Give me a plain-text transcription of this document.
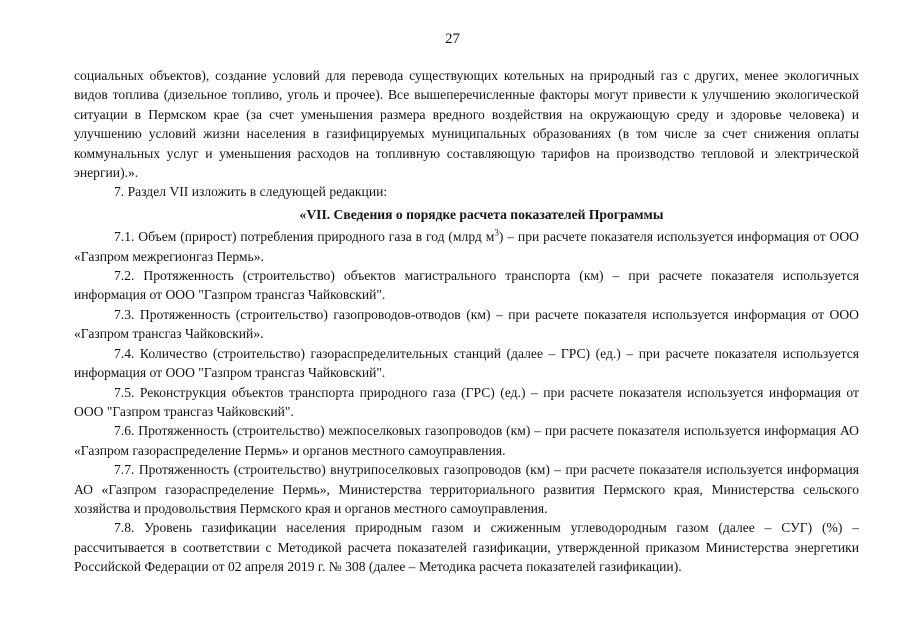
27

социальных объектов), создание условий для перевода существующих котельных на природный газ с других, менее экологичных видов топлива (дизельное топливо, уголь и прочее). Все вышеперечисленные факторы могут привести к улучшению экологической ситуации в Пермском крае (за счет уменьшения размера вредного воздействия на окружающую среду и здоровье человека) и улучшению условий жизни населения в газифицируемых муниципальных образованиях (в том числе за счет снижения оплаты коммунальных услуг и уменьшения расходов на топливную составляющую тарифов на производство тепловой и электрической энергии).».

7. Раздел VII изложить в следующей редакции:

«VII. Сведения о порядке расчета показателей Программы

7.1. Объем (прирост) потребления природного газа в год (млрд $м^3$) – при расчете показателя используется информация от ООО «Газпром межрегионгаз Пермь».

7.2. Протяженность (строительство) объектов магистрального транспорта (км) – при расчете показателя используется информация от ООО "Газпром трансгаз Чайковский".

7.3. Протяженность (строительство) газопроводов-отводов (км) – при расчете показателя используется информация от ООО «Газпром трансгаз Чайковский».

7.4. Количество (строительство) газораспределительных станций (далее – ГРС) (ед.) – при расчете показателя используется информация от ООО "Газпром трансгаз Чайковский".

7.5. Реконструкция объектов транспорта природного газа (ГРС) (ед.) – при расчете показателя используется информация от ООО "Газпром трансгаз Чайковский".

7.6. Протяженность (строительство) межпоселковых газопроводов (км) – при расчете показателя используется информация АО «Газпром газораспределение Пермь» и органов местного самоуправления.

7.7. Протяженность (строительство) внутрипоселковых газопроводов (км) – при расчете показателя используется информация АО «Газпром газораспределение Пермь», Министерства территориального развития Пермского края, Министерства сельского хозяйства и продовольствия Пермского края и органов местного самоуправления.

7.8. Уровень газификации населения природным газом и сжиженным углеводородным газом (далее – СУГ) (%) – рассчитывается в соответствии с Методикой расчета показателей газификации, утвержденной приказом Министерства энергетики Российской Федерации от 02 апреля 2019 г. № 308 (далее – Методика расчета показателей газификации).
